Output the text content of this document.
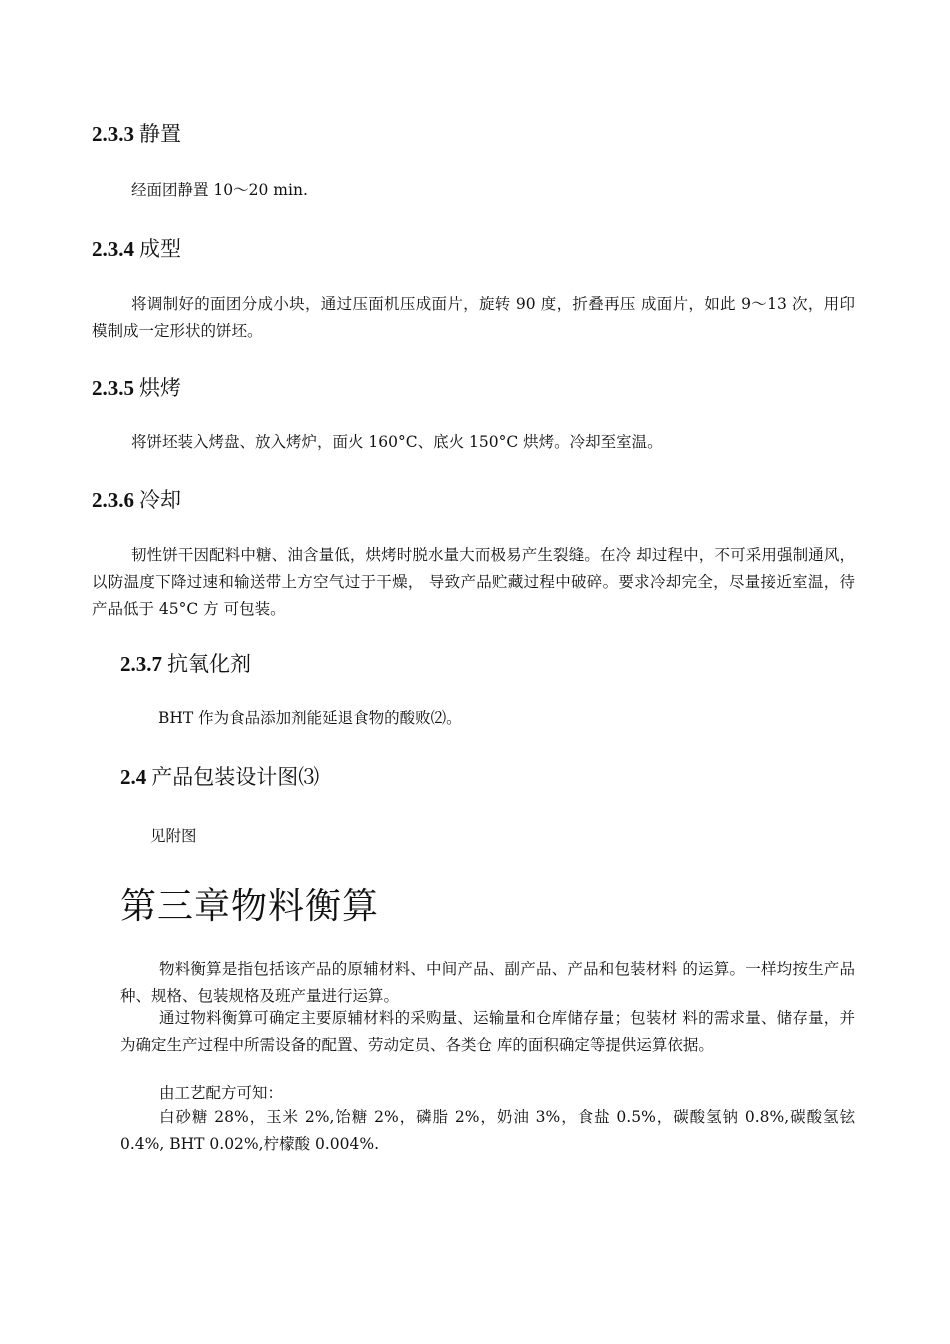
2.3.3 静置

经面团静置 10～20 min.

2.3.4 成型

将调制好的面团分成小块，通过压面机压成面片，旋转 90 度，折叠再压 成面片，如此 9～13 次，用印模制成一定形状的饼坯。

2.3.5 烘烤

将饼坯装入烤盘、放入烤炉，面火 160°C、底火 150°C 烘烤。冷却至室温。

2.3.6 冷却

韧性饼干因配料中糖、油含量低，烘烤时脱水量大而极易产生裂缝。在冷 却过程中，不可采用强制通风，以防温度下降过速和输送带上方空气过于干燥， 导致产品贮藏过程中破碎。要求冷却完全，尽量接近室温，待产品低于 45°C 方 可包装。

2.3.7 抗氧化剂

BHT 作为食品添加剂能延退食物的酸败⑵。

2.4 产品包装设计图⑶

见附图

第三章物料衡算

物料衡算是指包括该产品的原辅材料、中间产品、副产品、产品和包装材料 的运算。一样均按生产品种、规格、包装规格及班产量进行运算。

通过物料衡算可确定主要原辅材料的采购量、运输量和仓库储存量；包装材 料的需求量、储存量，并为确定生产过程中所需设备的配置、劳动定员、各类仓 库的面积确定等提供运算依据。

由工艺配方可知：

白砂糖 28%，玉米 2%,饴糖 2%，磷脂 2%，奶油 3%，食盐 0.5%，碳酸氢钠 0.8%,碳酸氢铉 0.4%, BHT 0.02%,柠檬酸 0.004%.
